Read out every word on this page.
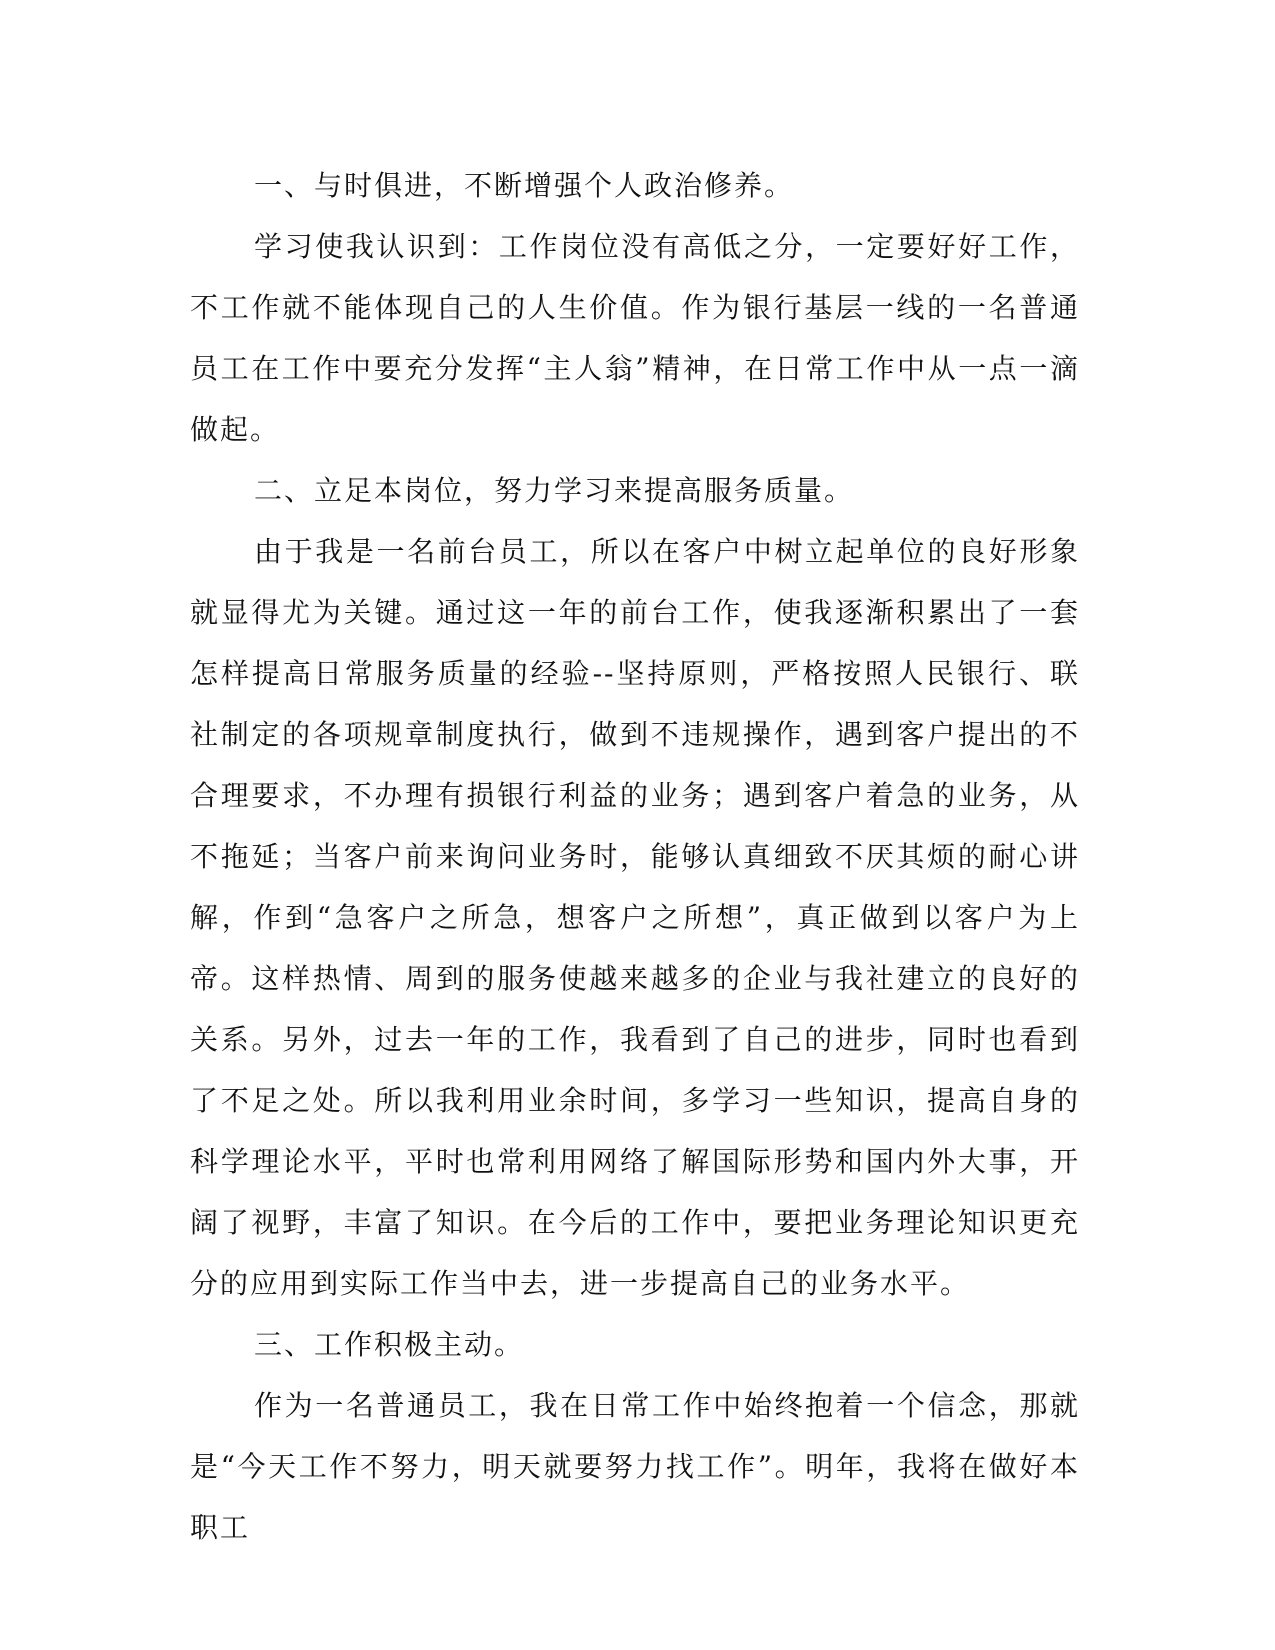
一、与时俱进，不断增强个人政治修养。

学习使我认识到：工作岗位没有高低之分，一定要好好工作，不工作就不能体现自己的人生价值。作为银行基层一线的一名普通员工在工作中要充分发挥“主人翁”精神，在日常工作中从一点一滴做起。

二、立足本岗位，努力学习来提高服务质量。

由于我是一名前台员工，所以在客户中树立起单位的良好形象就显得尤为关键。通过这一年的前台工作，使我逐渐积累出了一套怎样提高日常服务质量的经验--坚持原则，严格按照人民银行、联社制定的各项规章制度执行，做到不违规操作，遇到客户提出的不合理要求，不办理有损银行利益的业务；遇到客户着急的业务，从不拖延；当客户前来询问业务时，能够认真细致不厌其烦的耐心讲解，作到“急客户之所急，想客户之所想”，真正做到以客户为上帝。这样热情、周到的服务使越来越多的企业与我社建立的良好的关系。另外，过去一年的工作，我看到了自己的进步，同时也看到了不足之处。所以我利用业余时间，多学习一些知识，提高自身的科学理论水平，平时也常利用网络了解国际形势和国内外大事，开阔了视野，丰富了知识。在今后的工作中，要把业务理论知识更充分的应用到实际工作当中去，进一步提高自己的业务水平。

三、工作积极主动。

作为一名普通员工，我在日常工作中始终抱着一个信念，那就是“今天工作不努力，明天就要努力找工作”。明年，我将在做好本职工
